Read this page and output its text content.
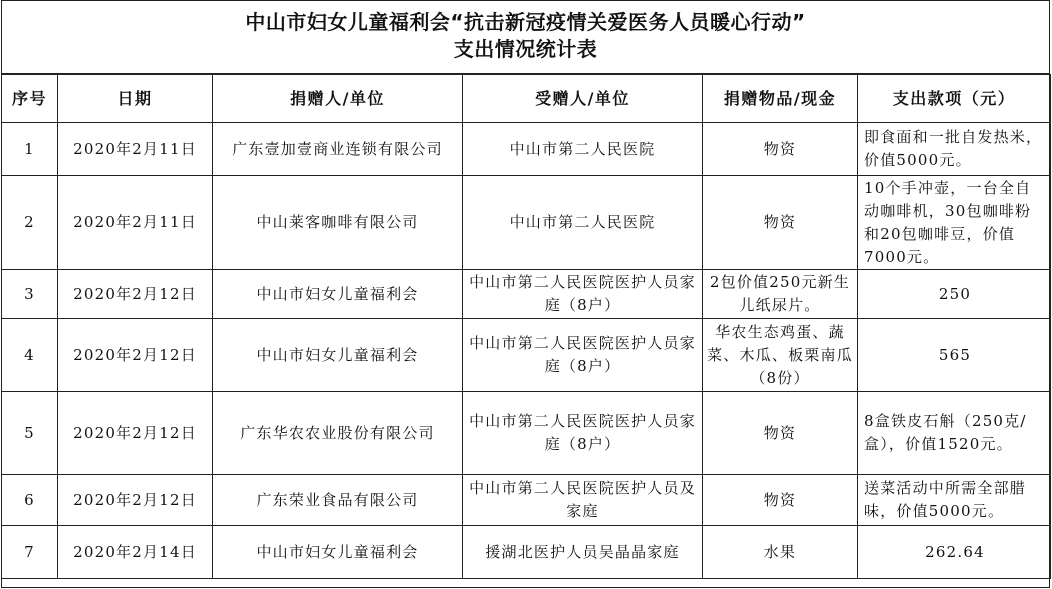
中山市妇女儿童福利会“抗击新冠疫情关爱医务人员暖心行动”
支出情况统计表
序号	日期	捐赠人/单位	受赠人/单位	捐赠物品/现金	支出款项（元）
1	2020年2月11日	广东壹加壹商业连锁有限公司	中山市第二人民医院	物资	即食面和一批自发热米，价值5000元。
2	2020年2月11日	中山莱客咖啡有限公司	中山市第二人民医院	物资	10个手冲壶，一台全自动咖啡机，30包咖啡粉和20包咖啡豆，价值7000元。
3	2020年2月12日	中山市妇女儿童福利会	中山市第二人民医院医护人员家庭（8户）	2包价值250元新生儿纸尿片。	250
4	2020年2月12日	中山市妇女儿童福利会	中山市第二人民医院医护人员家庭（8户）	华农生态鸡蛋、蔬菜、木瓜、板栗南瓜（8份）	565
5	2020年2月12日	广东华农农业股份有限公司	中山市第二人民医院医护人员家庭（8户）	物资	8盒铁皮石斛（250克/盒），价值1520元。
6	2020年2月12日	广东荣业食品有限公司	中山市第二人民医院医护人员及家庭	物资	送菜活动中所需全部腊味，价值5000元。
7	2020年2月14日	中山市妇女儿童福利会	援湖北医护人员吴晶晶家庭	水果	262.64
